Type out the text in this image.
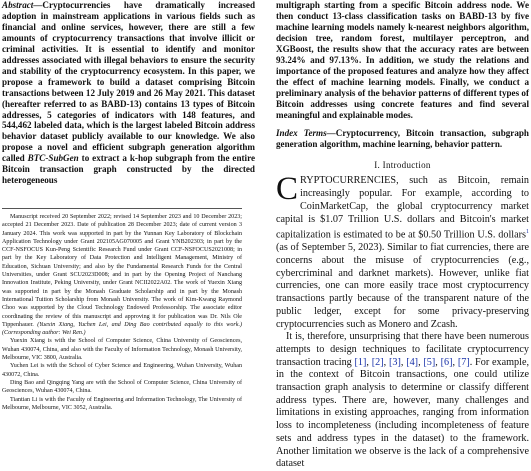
Abstract—Cryptocurrencies have dramatically increased adoption in mainstream applications in various fields such as financial and online services, however, there are still a few amounts of cryptocurrency transactions that involve illicit or criminal activities. It is essential to identify and monitor addresses associated with illegal behaviors to ensure the security and stability of the cryptocurrency ecosystem. In this paper, we propose a framework to build a dataset comprising Bitcoin transactions between 12 July 2019 and 26 May 2021. This dataset (hereafter referred to as BABD-13) contains 13 types of Bitcoin addresses, 5 categories of indicators with 148 features, and 544,462 labeled data, which is the largest labeled Bitcoin address behavior dataset publicly available to our knowledge. We also propose a novel and efficient subgraph generation algorithm called BTC-SubGen to extract a k-hop subgraph from the entire Bitcoin transaction graph constructed by the directed heterogeneous

Manuscript received 20 September 2022; revised 14 September 2023 and 10 December 2023; accepted 21 December 2023. Date of publication 28 December 2023; date of current version 3 January 2024. This work was supported in part by the Yunnan Key Laboratory of Blockchain Application Technology under Grant 202105AG070005 and Grant YNB202303; in part by the CCF-NSFOCUS Kun-Peng Scientific Research Fund under Grant CCF-NSFOCUS2021008; in part by the Key Laboratory of Data Protection and Intelligent Management, Ministry of Education, Sichuan University; and also by the Fundamental Research Funds for the Central Universities, under Grant SCU2023D008; and in part by the Opening Project of Nanchang Innovation Institute, Peking University, under Grant NCII2022A02. The work of Yuexin Xiang was supported in part by the Monash Graduate Scholarship and in part by the Monash International Tuition Scholarship from Monash University. The work of Kim-Kwang Raymond Choo was supported by the Cloud Technology Endowed Professorship. The associate editor coordinating the review of this manuscript and approving it for publication was Dr. Nils Ole Tippenhauer. (Yuexin Xiang, Yuchen Lei, and Ding Bao contributed equally to this work.) (Corresponding author: Wei Ren.)

Yuexin Xiang is with the School of Computer Science, China University of Geosciences, Wuhan 430074, China, and also with the Faculty of Information Technology, Monash University, Melbourne, VIC 3800, Australia.

Yuchen Lei is with the School of Cyber Science and Engineering, Wuhan University, Wuhan 430072, China.

Ding Bao and Qingqing Yang are with the School of Computer Science, China University of Geosciences, Wuhan 430074, China.

Tiantian Li is with the Faculty of Engineering and Information Technology, The University of Melbourne, Melbourne, VIC 3052, Australia.

multigraph starting from a specific Bitcoin address node. We then conduct 13-class classification tasks on BABD-13 by five machine learning models namely k-nearest neighbors algorithm, decision tree, random forest, multilayer perceptron, and XGBoost, the results show that the accuracy rates are between 93.24% and 97.13%. In addition, we study the relations and importance of the proposed features and analyze how they affect the effect of machine learning models. Finally, we conduct a preliminary analysis of the behavior patterns of different types of Bitcoin addresses using concrete features and find several meaningful and explainable modes.

Index Terms—Cryptocurrency, Bitcoin transaction, subgraph generation algorithm, machine learning, behavior pattern.

I. Introduction

CRYPTOCURRENCIES, such as Bitcoin, remain increasingly popular. For example, according to CoinMarketCap, the global cryptocurrency market capital is $1.07 Trillion U.S. dollars and Bitcoin's market capitalization is estimated to be at $0.50 Trillion U.S. dollars$^1$ (as of September 5, 2023). Similar to fiat currencies, there are concerns about the misuse of cryptocurrencies (e.g., cybercriminal and darknet markets). However, unlike fiat currencies, one can more easily trace most cryptocurrency transactions partly because of the transparent nature of the public ledger, except for some privacy-preserving cryptocurrencies such as Monero and Zcash.

It is, therefore, unsurprising that there have been numerous attempts to design techniques to facilitate cryptocurrency transaction tracing [1], [2], [3], [4], [5], [6], [7]. For example, in the context of Bitcoin transactions, one could utilize transaction graph analysis to determine or classify different address types. There are, however, many challenges and limitations in existing approaches, ranging from information loss to incompleteness (including incompleteness of feature sets and address types in the dataset) to the framework. Another limitation we observe is the lack of a comprehensive dataset
